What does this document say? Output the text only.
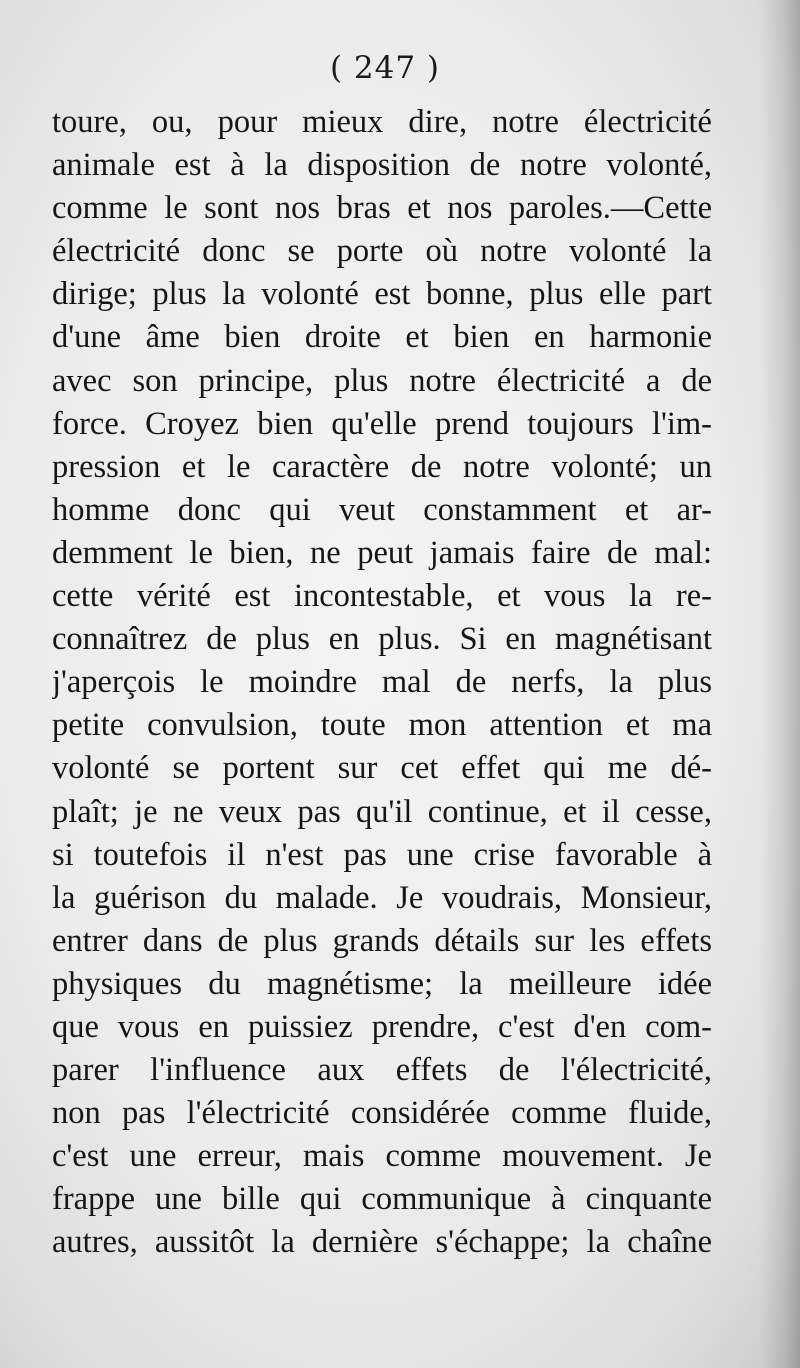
( 247 )
toure, ou, pour mieux dire, notre électricité
animale est à la disposition de notre volonté,
comme le sont nos bras et nos paroles.—Cette
électricité donc se porte où notre volonté la
dirige; plus la volonté est bonne, plus elle part
d'une âme bien droite et bien en harmonie
avec son principe, plus notre électricité a de
force. Croyez bien qu'elle prend toujours l'im-
pression et le caractère de notre volonté; un
homme donc qui veut constamment et ar-
demment le bien, ne peut jamais faire de mal:
cette vérité est incontestable, et vous la re-
connaîtrez de plus en plus. Si en magnétisant
j'aperçois le moindre mal de nerfs, la plus
petite convulsion, toute mon attention et ma
volonté se portent sur cet effet qui me dé-
plaît; je ne veux pas qu'il continue, et il cesse,
si toutefois il n'est pas une crise favorable à
la guérison du malade. Je voudrais, Monsieur,
entrer dans de plus grands détails sur les effets
physiques du magnétisme; la meilleure idée
que vous en puissiez prendre, c'est d'en com-
parer l'influence aux effets de l'électricité,
non pas l'électricité considérée comme fluide,
c'est une erreur, mais comme mouvement. Je
frappe une bille qui communique à cinquante
autres, aussitôt la dernière s'échappe; la chaîne
